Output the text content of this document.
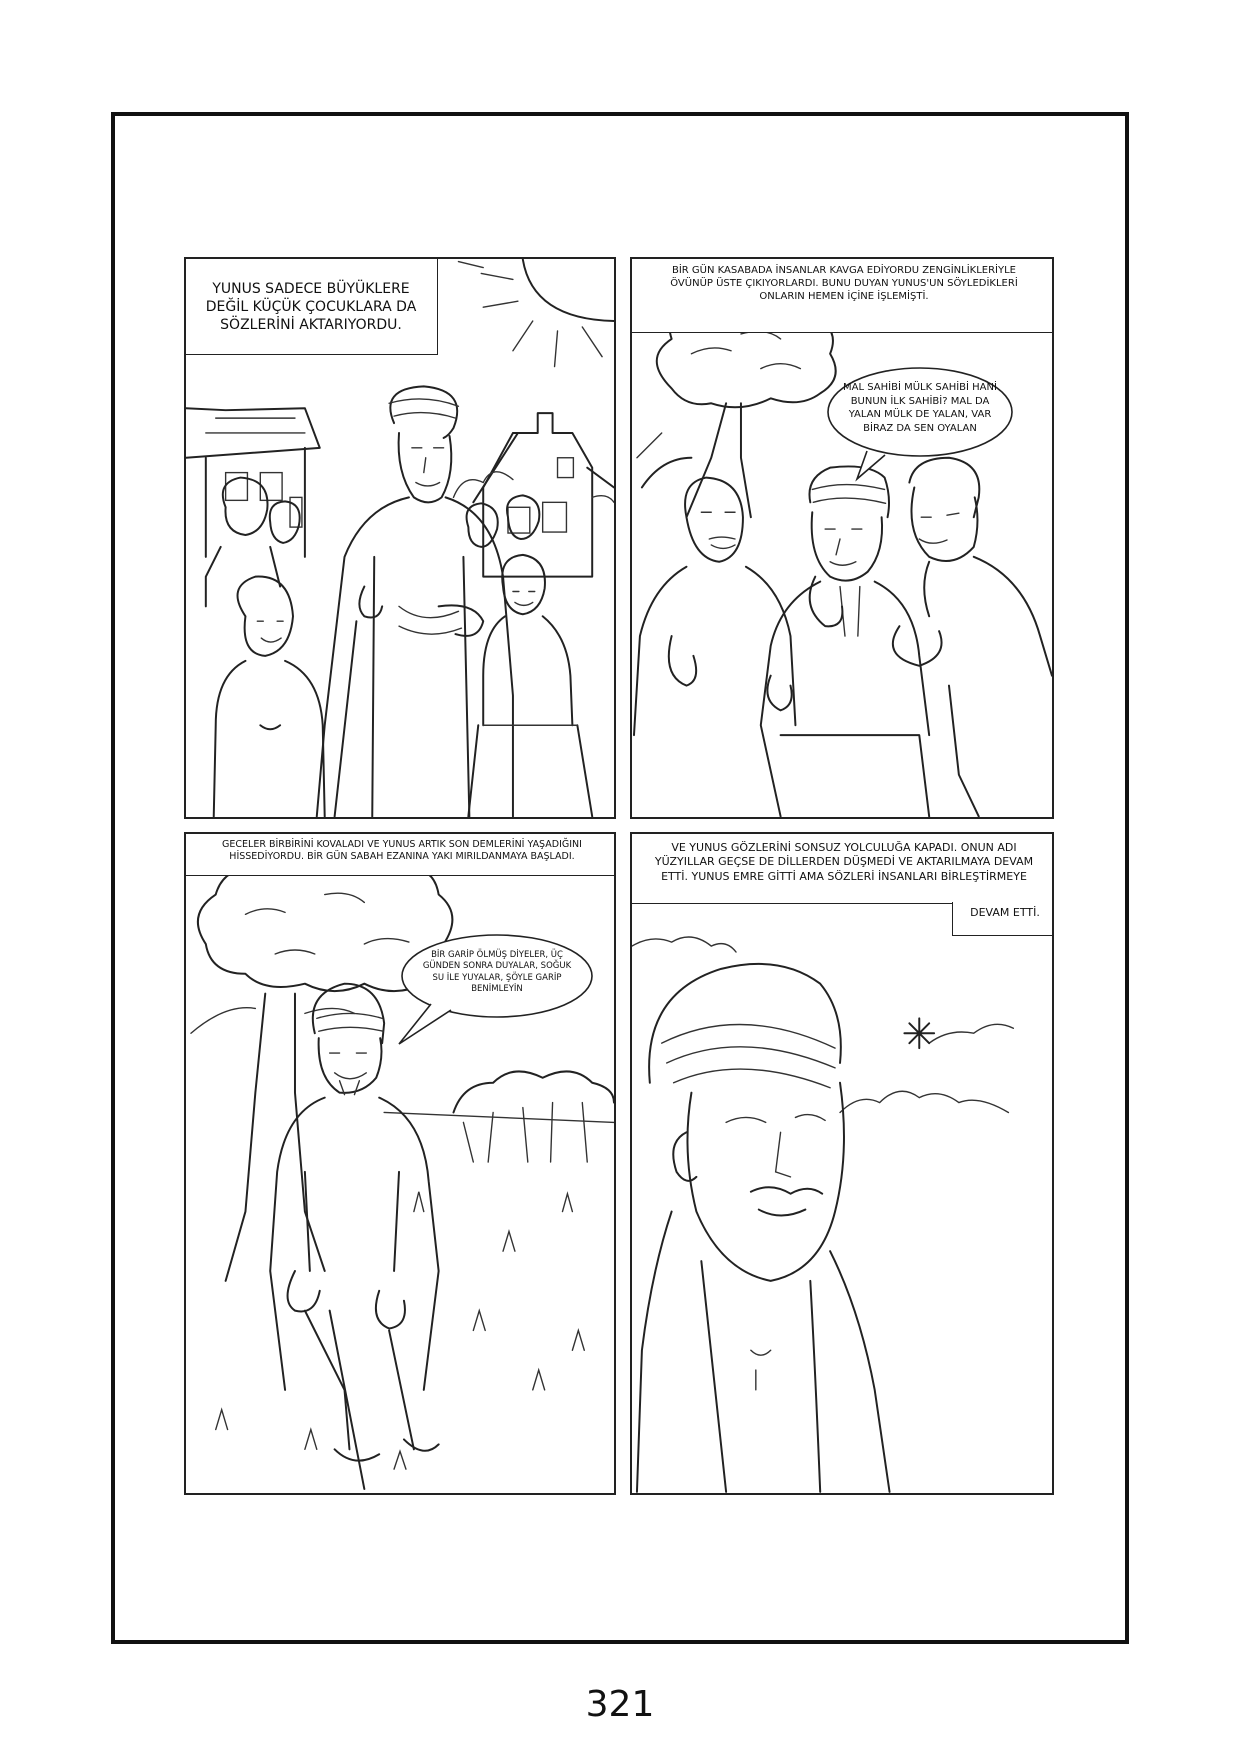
YUNUS SADECE BÜYÜKLERE DEĞİL KÜÇÜK ÇOCUKLARA DA SÖZLERİNİ AKTARIYORDU.
BİR GÜN KASABADA İNSANLAR KAVGA EDİYORDU ZENGİNLİKLERİYLE ÖVÜNÜP ÜSTE ÇIKIYORLARDI. BUNU DUYAN YUNUS'UN SÖYLEDİKLERİ ONLARIN HEMEN İÇİNE İŞLEMİŞTİ.
MAL SAHİBİ MÜLK SAHİBİ HANİ BUNUN İLK SAHİBİ? MAL DA YALAN MÜLK DE YALAN, VAR BİRAZ DA SEN OYALAN
GECELER BİRBİRİNİ KOVALADI VE YUNUS ARTIK SON DEMLERİNİ YAŞADIĞINI HİSSEDİYORDU. BİR GÜN SABAH EZANINA YAKI MIRILDANMAYA BAŞLADI.
BİR GARİP ÖLMÜŞ DİYELER, ÜÇ GÜNDEN SONRA DUYALAR, SOĞUK SU İLE YUYALAR, ŞÖYLE GARİP BENİMLEYİN
VE YUNUS GÖZLERİNİ SONSUZ YOLCULUĞA KAPADI. ONUN ADI YÜZYILLAR GEÇSE DE DİLLERDEN DÜŞMEDİ VE AKTARILMAYA DEVAM ETTİ. YUNUS EMRE GİTTİ AMA SÖZLERİ İNSANLARI BİRLEŞTİRMEYE
DEVAM ETTİ.
321
